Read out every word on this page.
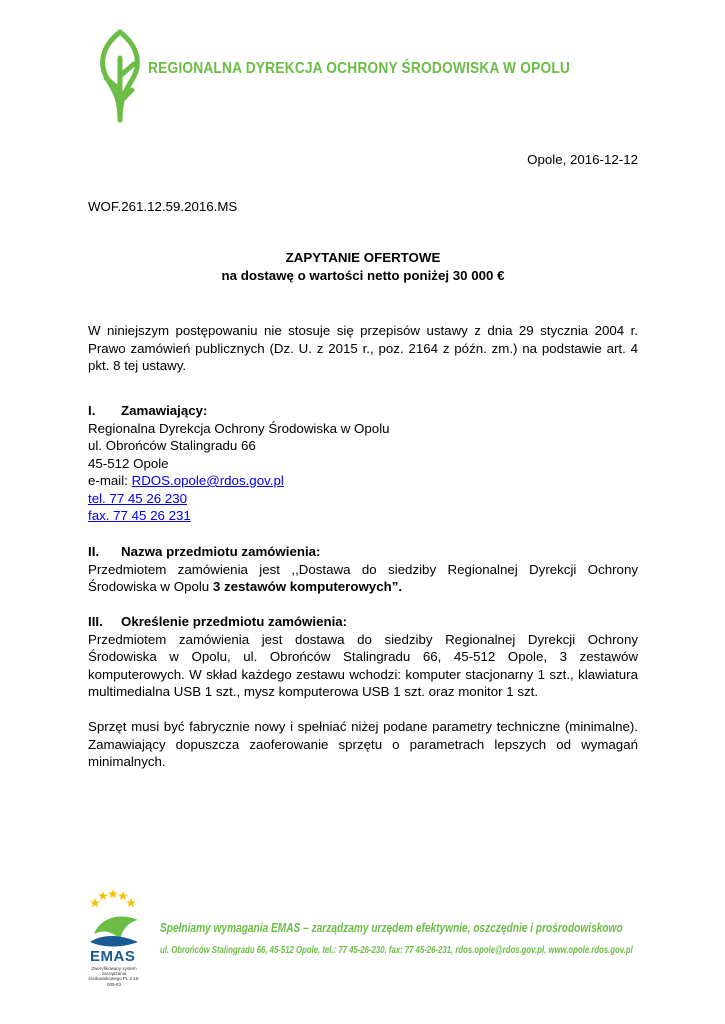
REGIONALNA DYREKCJA OCHRONY ŚRODOWISKA W OPOLU
Opole, 2016-12-12
WOF.261.12.59.2016.MS
ZAPYTANIE OFERTOWE
na dostawę o wartości netto poniżej 30 000 €
W niniejszym postępowaniu nie stosuje się przepisów ustawy z dnia 29 stycznia 2004 r. Prawo zamówień publicznych (Dz. U. z 2015 r., poz. 2164 z późn. zm.) na podstawie art. 4 pkt. 8 tej ustawy.
I. Zamawiający:
Regionalna Dyrekcja Ochrony Środowiska w Opolu
ul. Obrońców Stalingradu 66
45-512 Opole
e-mail: RDOS.opole@rdos.gov.pl
tel. 77 45 26 230
fax. 77 45 26 231
II. Nazwa przedmiotu zamówienia:
Przedmiotem zamówienia jest ,,Dostawa do siedziby Regionalnej Dyrekcji Ochrony Środowiska w Opolu 3 zestawów komputerowych”.
III. Określenie przedmiotu zamówienia:
Przedmiotem zamówienia jest dostawa do siedziby Regionalnej Dyrekcji Ochrony Środowiska w Opolu, ul. Obrońców Stalingradu 66, 45-512 Opole, 3 zestawów komputerowych. W skład każdego zestawu wchodzi: komputer stacjonarny 1 szt., klawiatura multimedialna USB 1 szt., mysz komputerowa USB 1 szt. oraz monitor 1 szt.
Sprzęt musi być fabrycznie nowy i spełniać niżej podane parametry techniczne (minimalne). Zamawiający dopuszcza zaoferowanie sprzętu o parametrach lepszych od wymagań minimalnych.
EMAS
Zweryfikowany system zarządzania środowiskowego PL 2.16-005-63
Spełniamy wymagania EMAS – zarządzamy urzędem efektywnie, oszczędnie i prośrodowiskowo
ul. Obrońców Stalingradu 66, 45-512 Opole, tel.: 77 45-26-230, fax: 77 45-26-231, rdos.opole@rdos.gov.pl, www.opole.rdos.gov.pl
